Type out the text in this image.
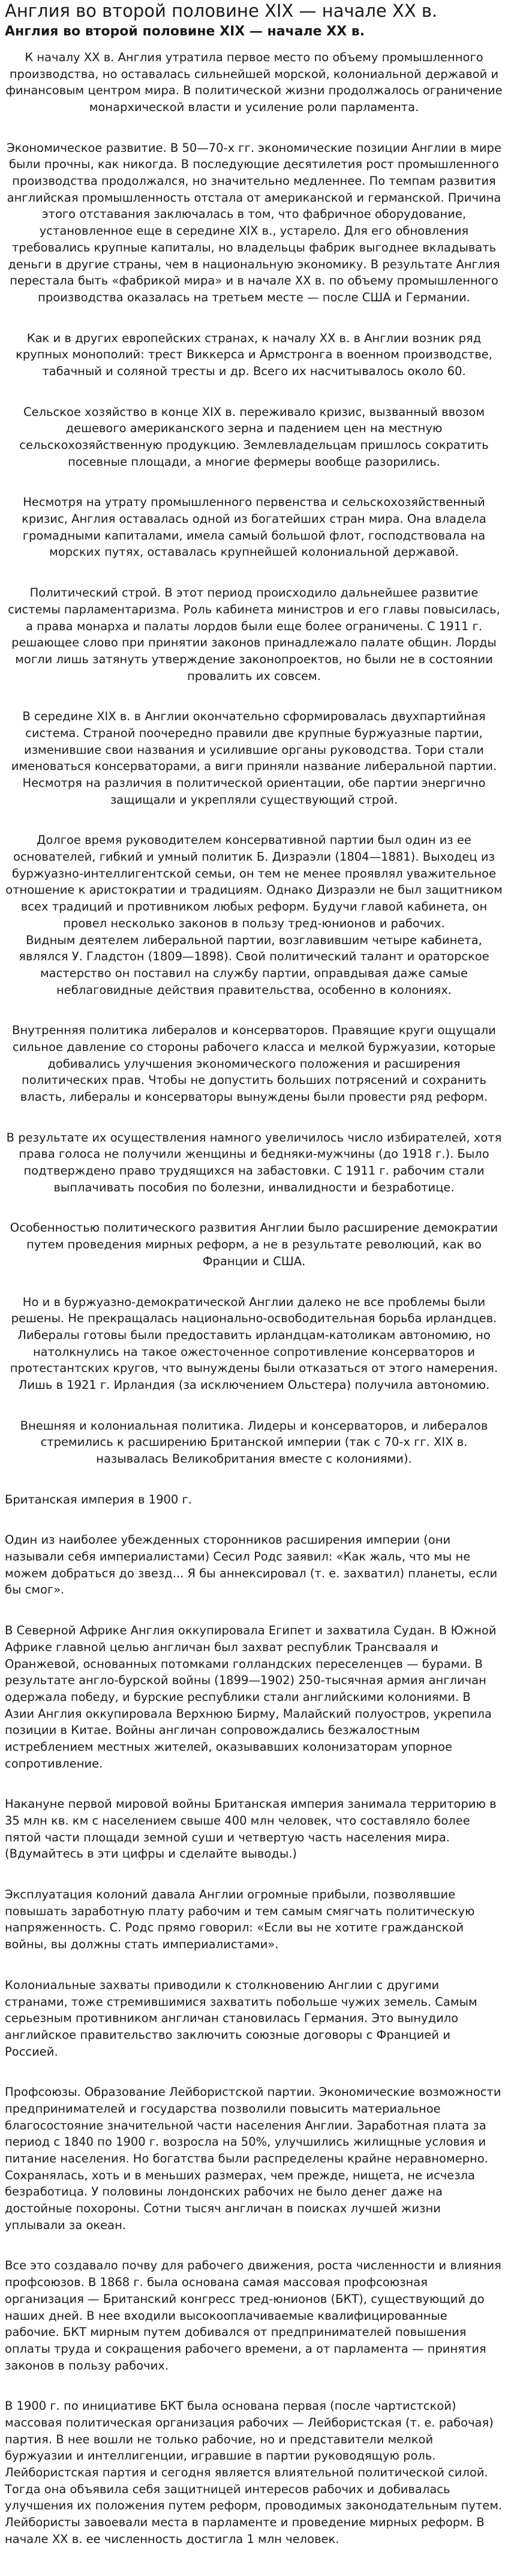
Англия во второй половине XIX — начале XX в.
Англия во второй половине XIX — начале XX в.

К началу XX в. Англия утратила первое место по объему промышленного производства, но оставалась сильнейшей морской, колониальной державой и финансовым центром мира. В политической жизни продолжалось ограничение монархической власти и усиление роли парламента.

Экономическое развитие. В 50—70-х гг. экономические позиции Англии в мире были прочны, как никогда. В последующие десятилетия рост промышленного производства продолжался, но значительно медленнее. По темпам развития английская промышленность отстала от американской и германской. Причина этого отставания заключалась в том, что фабричное оборудование, установленное еще в середине XIX в., устарело. Для его обновления требовались крупные капиталы, но владельцы фабрик выгоднее вкладывать деньги в другие страны, чем в национальную экономику. В результате Англия перестала быть «фабрикой мира» и в начале XX в. по объему промышленного производства оказалась на третьем месте — после США и Германии.

Как и в других европейских странах, к началу XX в. в Англии возник ряд крупных монополий: трест Виккерса и Армстронга в военном производстве, табачный и соляной тресты и др. Всего их насчитывалось около 60.

Сельское хозяйство в конце XIX в. переживало кризис, вызванный ввозом дешевого американского зерна и падением цен на местную сельскохозяйственную продукцию. Землевладельцам пришлось сократить посевные площади, а многие фермеры вообще разорились.

Несмотря на утрату промышленного первенства и сельскохозяйственный кризис, Англия оставалась одной из богатейших стран мира. Она владела громадными капиталами, имела самый большой флот, господствовала на морских путях, оставалась крупнейшей колониальной державой.

Политический строй. В этот период происходило дальнейшее развитие системы парламентаризма. Роль кабинета министров и его главы повысилась, а права монарха и палаты лордов были еще более ограничены. С 1911 г. решающее слово при принятии законов принадлежало палате общин. Лорды могли лишь затянуть утверждение законопроектов, но были не в состоянии провалить их совсем.

В середине XIX в. в Англии окончательно сформировалась двухпартийная система. Страной поочередно правили две крупные буржуазные партии, изменившие свои названия и усилившие органы руководства. Тори стали именоваться консерваторами, а виги приняли название либеральной партии. Несмотря на различия в политической ориентации, обе партии энергично защищали и укрепляли существующий строй.

Долгое время руководителем консервативной партии был один из ее основателей, гибкий и умный политик Б. Дизраэли (1804—1881). Выходец из буржуазно-интеллигентской семьи, он тем не менее проявлял уважительное отношение к аристократии и традициям. Однако Дизраэли не был защитником всех традиций и противником любых реформ. Будучи главой кабинета, он провел несколько законов в пользу тред-юнионов и рабочих.

Видным деятелем либеральной партии, возглавившим четыре кабинета, являлся У. Гладстон (1809—1898). Свой политический талант и ораторское мастерство он поставил на службу партии, оправдывая даже самые неблаговидные действия правительства, особенно в колониях.

Внутренняя политика либералов и консерваторов. Правящие круги ощущали сильное давление со стороны рабочего класса и мелкой буржуазии, которые добивались улучшения экономического положения и расширения политических прав. Чтобы не допустить больших потрясений и сохранить власть, либералы и консерваторы вынуждены были провести ряд реформ.

В результате их осуществления намного увеличилось число избирателей, хотя права голоса не получили женщины и бедняки-мужчины (до 1918 г.). Было подтверждено право трудящихся на забастовки. С 1911 г. рабочим стали выплачивать пособия по болезни, инвалидности и безработице.

Особенностью политического развития Англии было расширение демократии путем проведения мирных реформ, а не в результате революций, как во Франции и США.

Но и в буржуазно-демократической Англии далеко не все проблемы были решены. Не прекращалась национально-освободительная борьба ирландцев. Либералы готовы были предоставить ирландцам-католикам автономию, но натолкнулись на такое ожесточенное сопротивление консерваторов и протестантских кругов, что вынуждены были отказаться от этого намерения. Лишь в 1921 г. Ирландия (за исключением Ольстера) получила автономию.

Внешняя и колониальная политика. Лидеры и консерваторов, и либералов стремились к расширению Британской империи (так с 70-х гг. XIX в. называлась Великобритания вместе с колониями).

Британская империя в 1900 г.

Один из наиболее убежденных сторонников расширения империи (они называли себя империалистами) Сесил Родс заявил: «Как жаль, что мы не можем добраться до звезд... Я бы аннексировал (т. е. захватил) планеты, если бы смог».

В Северной Африке Англия оккупировала Египет и захватила Судан. В Южной Африке главной целью англичан был захват республик Трансвааля и Оранжевой, основанных потомками голландских переселенцев — бурами. В результате англо-бурской войны (1899—1902) 250-тысячная армия англичан одержала победу, и бурские республики стали английскими колониями. В Азии Англия оккупировала Верхнюю Бирму, Малайский полуостров, укрепила позиции в Китае. Войны англичан сопровождались безжалостным истреблением местных жителей, оказывавших колонизаторам упорное сопротивление.

Накануне первой мировой войны Британская империя занимала территорию в 35 млн кв. км с населением свыше 400 млн человек, что составляло более пятой части площади земной суши и четвертую часть населения мира. (Вдумайтесь в эти цифры и сделайте выводы.)

Эксплуатация колоний давала Англии огромные прибыли, позволявшие повышать заработную плату рабочим и тем самым смягчать политическую напряженность. С. Родс прямо говорил: «Если вы не хотите гражданской войны, вы должны стать империалистами».

Колониальные захваты приводили к столкновению Англии с другими странами, тоже стремившимися захватить побольше чужих земель. Самым серьезным противником англичан становилась Германия. Это вынудило английское правительство заключить союзные договоры с Францией и Россией.

Профсоюзы. Образование Лейбористской партии. Экономические возможности предпринимателей и государства позволили повысить материальное благосостояние значительной части населения Англии. Заработная плата за период с 1840 по 1900 г. возросла на 50%, улучшились жилищные условия и питание населения. Но богатства были распределены крайне неравномерно. Сохранялась, хоть и в меньших размерах, чем прежде, нищета, не исчезла безработица. У половины лондонских рабочих не было денег даже на достойные похороны. Сотни тысяч англичан в поисках лучшей жизни уплывали за океан.

Все это создавало почву для рабочего движения, роста численности и влияния профсоюзов. В 1868 г. была основана самая массовая профсоюзная организация — Британский конгресс тред-юнионов (БКТ), существующий до наших дней. В нее входили высокооплачиваемые квалифицированные рабочие. БКТ мирным путем добивался от предпринимателей повышения оплаты труда и сокращения рабочего времени, а от парламента — принятия законов в пользу рабочих.

В 1900 г. по инициативе БКТ была основана первая (после чартистской) массовая политическая организация рабочих — Лейбористская (т. е. рабочая) партия. В нее вошли не только рабочие, но и представители мелкой буржуазии и интеллигенции, игравшие в партии руководящую роль. Лейбористская партия и сегодня является влиятельной политической силой. Тогда она объявила себя защитницей интересов рабочих и добивалась улучшения их положения путем реформ, проводимых законодательным путем. Лейбористы завоевали места в парламенте и проведение мирных реформ. В начале XX в. ее численность достигла 1 млн человек.
